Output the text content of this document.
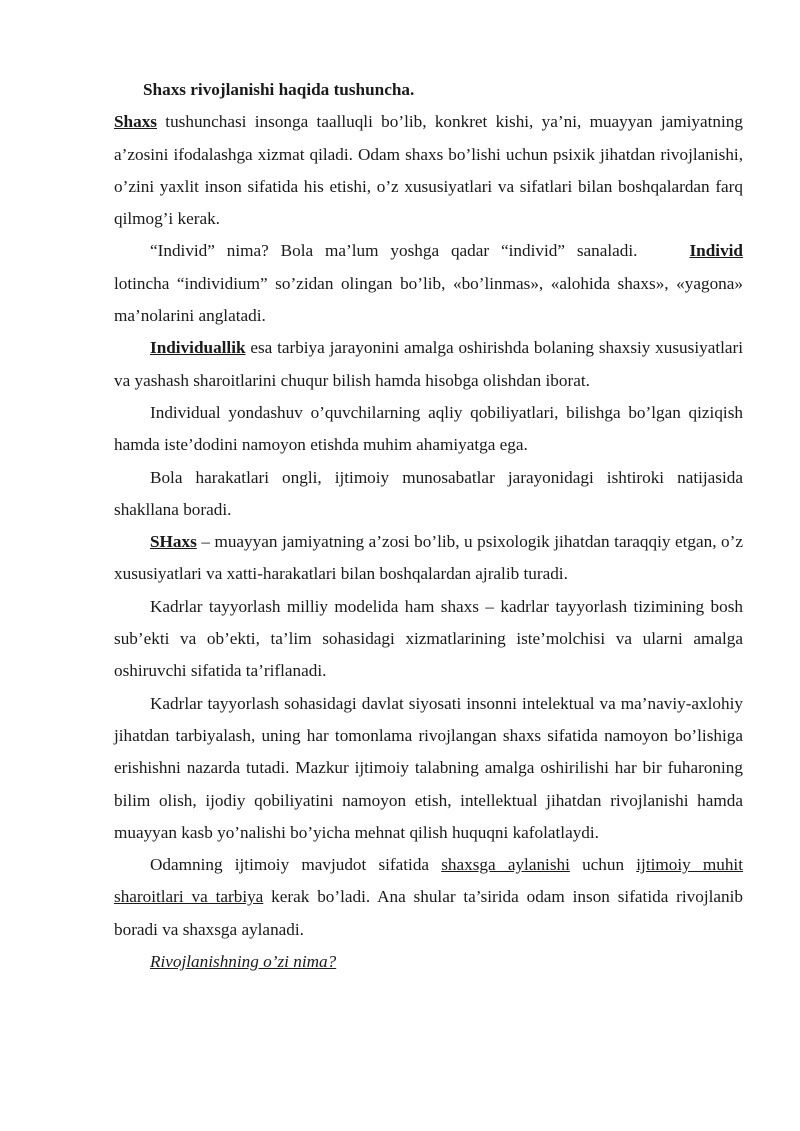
Shaxs rivojlanishi haqida tushuncha.

Shaxs tushunchasi insonga taalluqli bo’lib, konkret kishi, ya’ni, muayyan jamiyatning a’zosini ifodalashga xizmat qiladi. Odam shaxs bo’lishi uchun psixik jihatdan rivojlanishi, o’zini yaxlit inson sifatida his etishi, o’z xususiyatlari va sifatlari bilan boshqalardan farq qilmog’i kerak.

“Individ” nima? Bola ma’lum yoshga qadar “individ” sanaladi.	Individ lotincha “individium” so’zidan olingan bo’lib, «bo’linmas», «alohida shaxs», «yagona» ma’nolarini anglatadi.

Individuallik esa tarbiya jarayonini amalga oshirishda bolaning shaxsiy xususiyatlari va yashash sharoitlarini chuqur bilish hamda hisobga olishdan iborat.

Individual yondashuv o’quvchilarning aqliy qobiliyatlari, bilishga bo’lgan qiziqish hamda iste’dodini namoyon etishda muhim ahamiyatga ega.

Bola harakatlari ongli, ijtimoiy munosabatlar jarayonidagi ishtiroki natijasida shakllana boradi.

SHaxs – muayyan jamiyatning a’zosi bo’lib, u psixologik jihatdan taraqqiy etgan, o’z xususiyatlari va xatti-harakatlari bilan boshqalardan ajralib turadi.

Kadrlar tayyorlash milliy modelida ham shaxs – kadrlar tayyorlash tizimining bosh sub’ekti va ob’ekti, ta’lim sohasidagi xizmatlarining iste’molchisi va ularni amalga oshiruvchi sifatida ta’riflanadi.

Kadrlar tayyorlash sohasidagi davlat siyosati insonni intelektual va ma’naviy-axlohiy jihatdan tarbiyalash, uning har tomonlama rivojlangan shaxs sifatida namoyon bo’lishiga erishishni nazarda tutadi. Mazkur ijtimoiy talabning amalga oshirilishi har bir fuharoning bilim olish, ijodiy qobiliyatini namoyon etish, intellektual jihatdan rivojlanishi hamda muayyan kasb yo’nalishi bo’yicha mehnat qilish huquqni kafolatlaydi.

Odamning ijtimoiy mavjudot sifatida shaxsga aylanishi uchun ijtimoiy muhit sharoitlari va tarbiya kerak bo’ladi. Ana shular ta’sirida odam inson sifatida rivojlanib boradi va shaxsga aylanadi.

Rivojlanishning o’zi nima?
